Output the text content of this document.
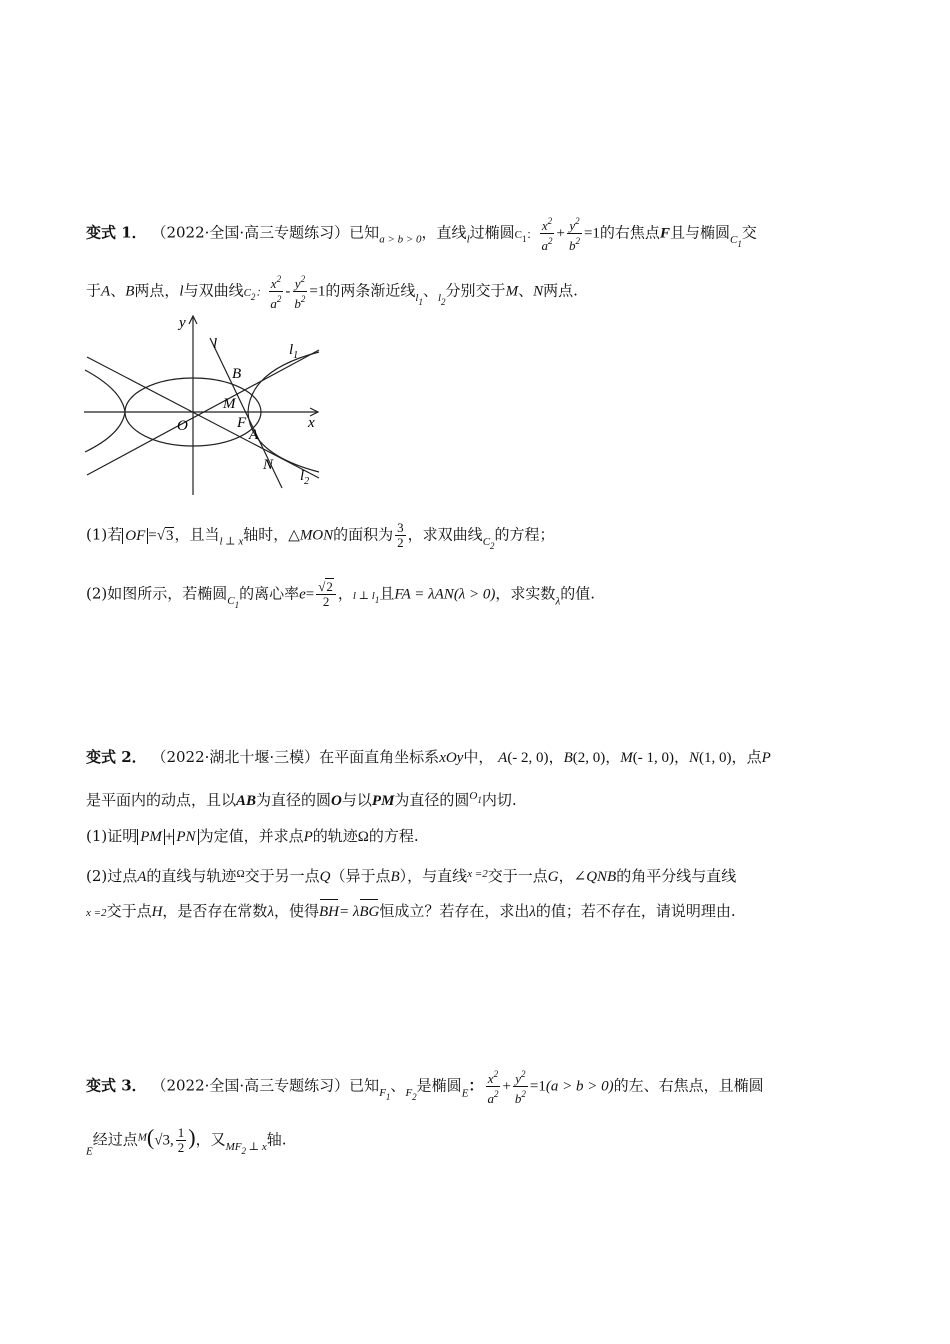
变式 1． （2022·全国·高三专题练习）已知$_{a > b > 0}$，直线$_l$过椭圆$C_1$： $\frac{x^2}{a^2} + \frac{y^2}{b^2} =1$的右焦点F且与椭圆$_{C_1}$交
于A、B两点，l与双曲线$C_2$： $\frac{x^2}{a^2} - \frac{y^2}{b^2} =1$的两条渐近线$_{l_1}$、$_{l_2}$分别交于M、N两点.
y
x
l	$l_1$
$l_2$
B
M
O	F
A
N
(1)若 OF =√3，且当$_{l \perp x}$轴时，△MON的面积为 $\frac{3}{2}$ ，求双曲线$_{C_2}$的方程；
(2)如图所示，若椭圆$_{C_1}$的离心率$e= \frac{√2}{2}$ ，l ⊥ $l_1$且FA = λAN(λ > 0)，求实数$_\lambda$的值.
变式 2． （2022·湖北十堰·三模）在平面直角坐标系xOy中， A(- 2, 0)，B(2, 0)，M(- 1, 0)，N(1, 0)，点P
是平面内的动点，且以AB为直径的圆O与以PM为直径的圆$^{O_1}$内切.
(1)证明 PM + PN 为定值，并求点P的轨迹Ω的方程.
(2)过点A的直线与轨迹$^\Omega$交于另一点Q（异于点B），与直线$^{x =2}$交于一点G，∠QNB的角平分线与直线
x =2交于点H，是否存在常数λ，使得BH= λBG恒成立？若存在，求出λ的值；若不存在，请说明理由.
变式 3． （2022·全国·高三专题练习）已知$_{F_1}$、$_{F_2}$是椭圆$_E$： $\frac{x^2}{a^2} + \frac{y^2}{b^2} =1(a > b > 0)$的左、右焦点，且椭圆
$_E$经过点$^M$(√3, $\frac{1}{2}$ )，又$_{MF_2 \perp x}$轴.
